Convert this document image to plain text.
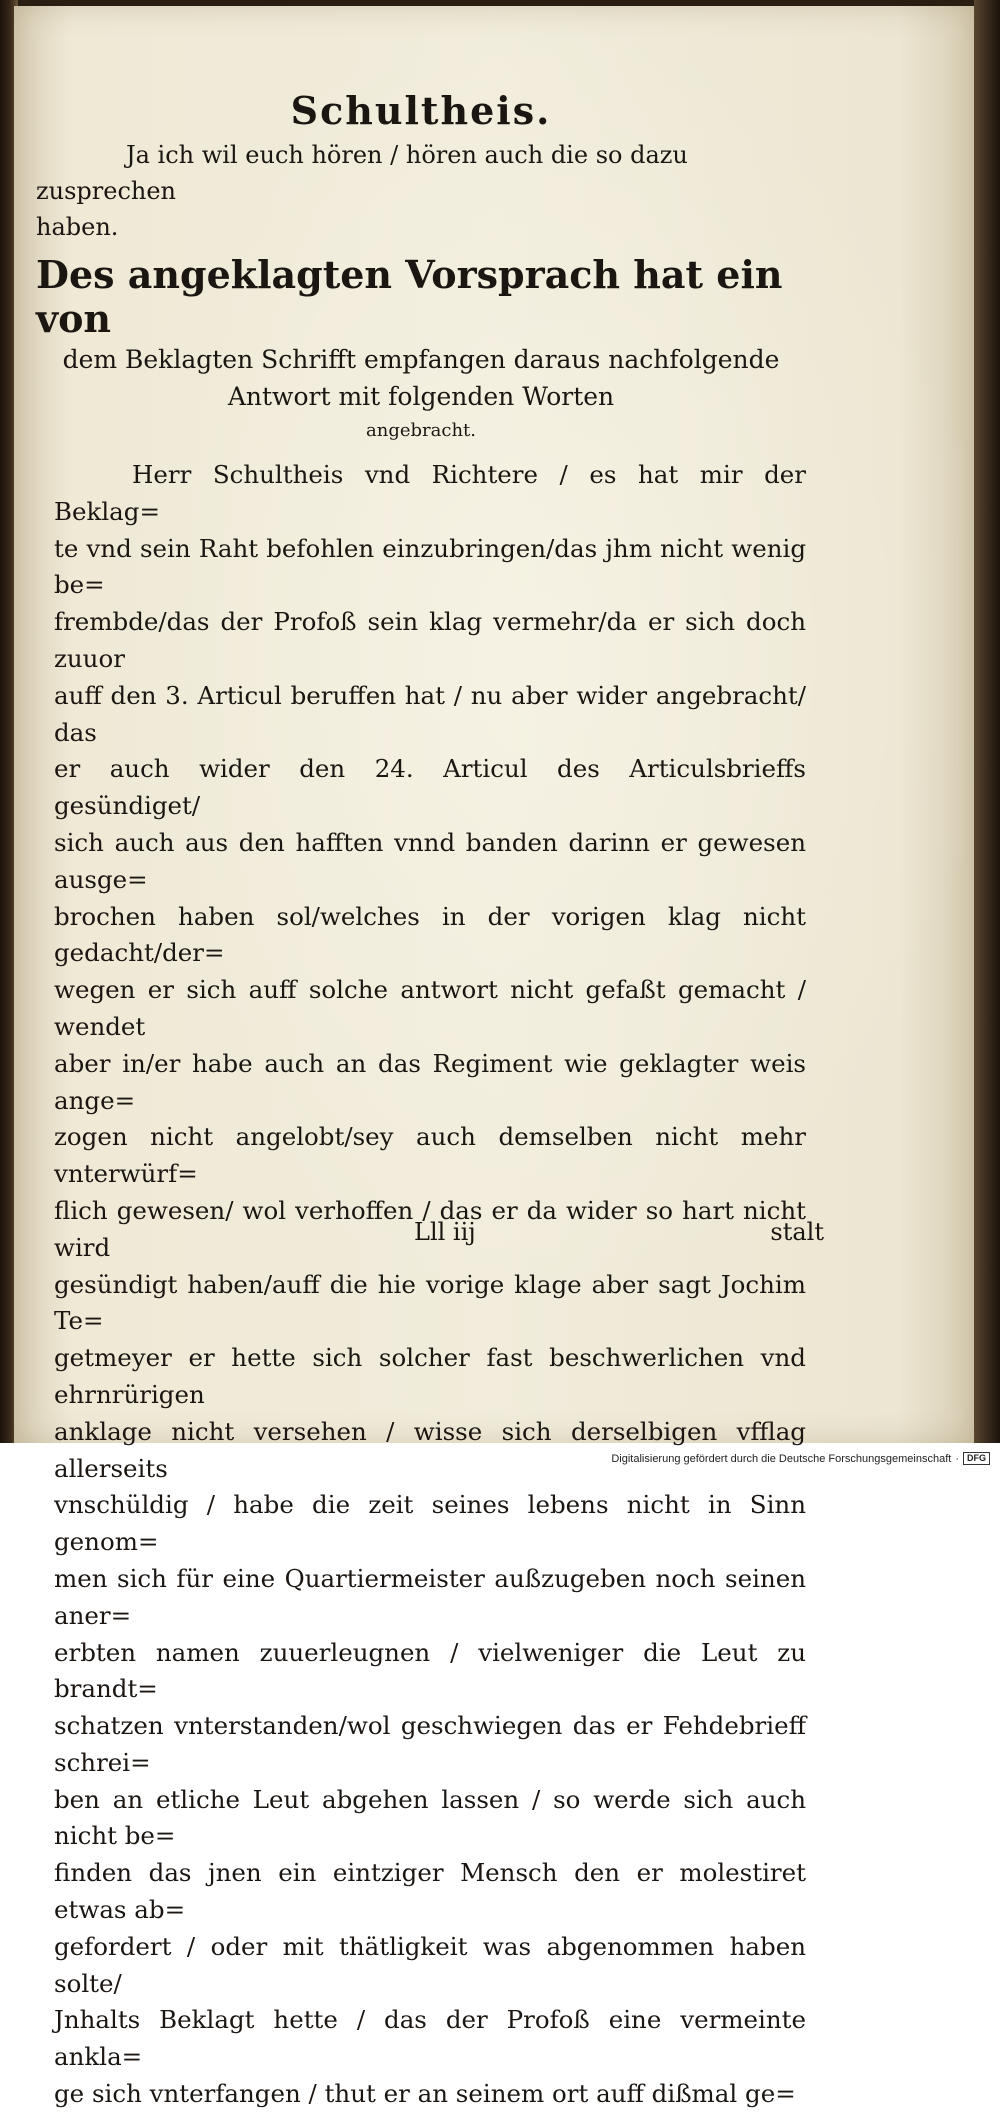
Schultheis.

Ja ich wil euch hören / hören auch die so dazu zusprechen

haben.

Des angeklagten Vorsprach hat ein von

dem Beklagten Schrifft empfangen daraus nachfolgende

Antwort mit folgenden Worten

angebracht.

Herr Schultheis vnd Richtere / es hat mir der Beklag=

te vnd sein Raht befohlen einzubringen/das jhm nicht wenig be=

frembde/das der Profoß sein klag vermehr/da er sich doch zuuor

auff den 3. Articul beruffen hat / nu aber wider angebracht/ das

er auch wider den 24. Articul des Articulsbrieffs gesündiget/

sich auch aus den hafften vnnd banden darinn er gewesen ausge=

brochen haben sol/welches in der vorigen klag nicht gedacht/der=

wegen er sich auff solche antwort nicht gefaßt gemacht / wendet

aber in/er habe auch an das Regiment wie geklagter weis ange=

zogen nicht angelobt/sey auch demselben nicht mehr vnterwürf=

flich gewesen/ wol verhoffen / das er da wider so hart nicht wird

gesündigt haben/auff die hie vorige klage aber sagt Jochim Te=

getmeyer er hette sich solcher fast beschwerlichen vnd ehrnrürigen

anklage nicht versehen / wisse sich derselbigen vfflag allerseits

vnschüldig / habe die zeit seines lebens nicht in Sinn genom=

men sich für eine Quartiermeister außzugeben noch seinen aner=

erbten namen zuuerleugnen / vielweniger die Leut zu brandt=

schatzen vnterstanden/wol geschwiegen das er Fehdebrieff schrei=

ben an etliche Leut abgehen lassen / so werde sich auch nicht be=

finden das jnen ein eintziger Mensch den er molestiret etwas ab=

gefordert / oder mit thätligkeit was abgenommen haben solte/

Jnhalts Beklagt hette / das der Profoß eine vermeinte ankla=

ge sich vnterfangen / thut er an seinem ort auff dißmal ge=

Lll iij	stalt
Digitalisierung gefördert durch die Deutsche Forschungsgemeinschaft · DFG
